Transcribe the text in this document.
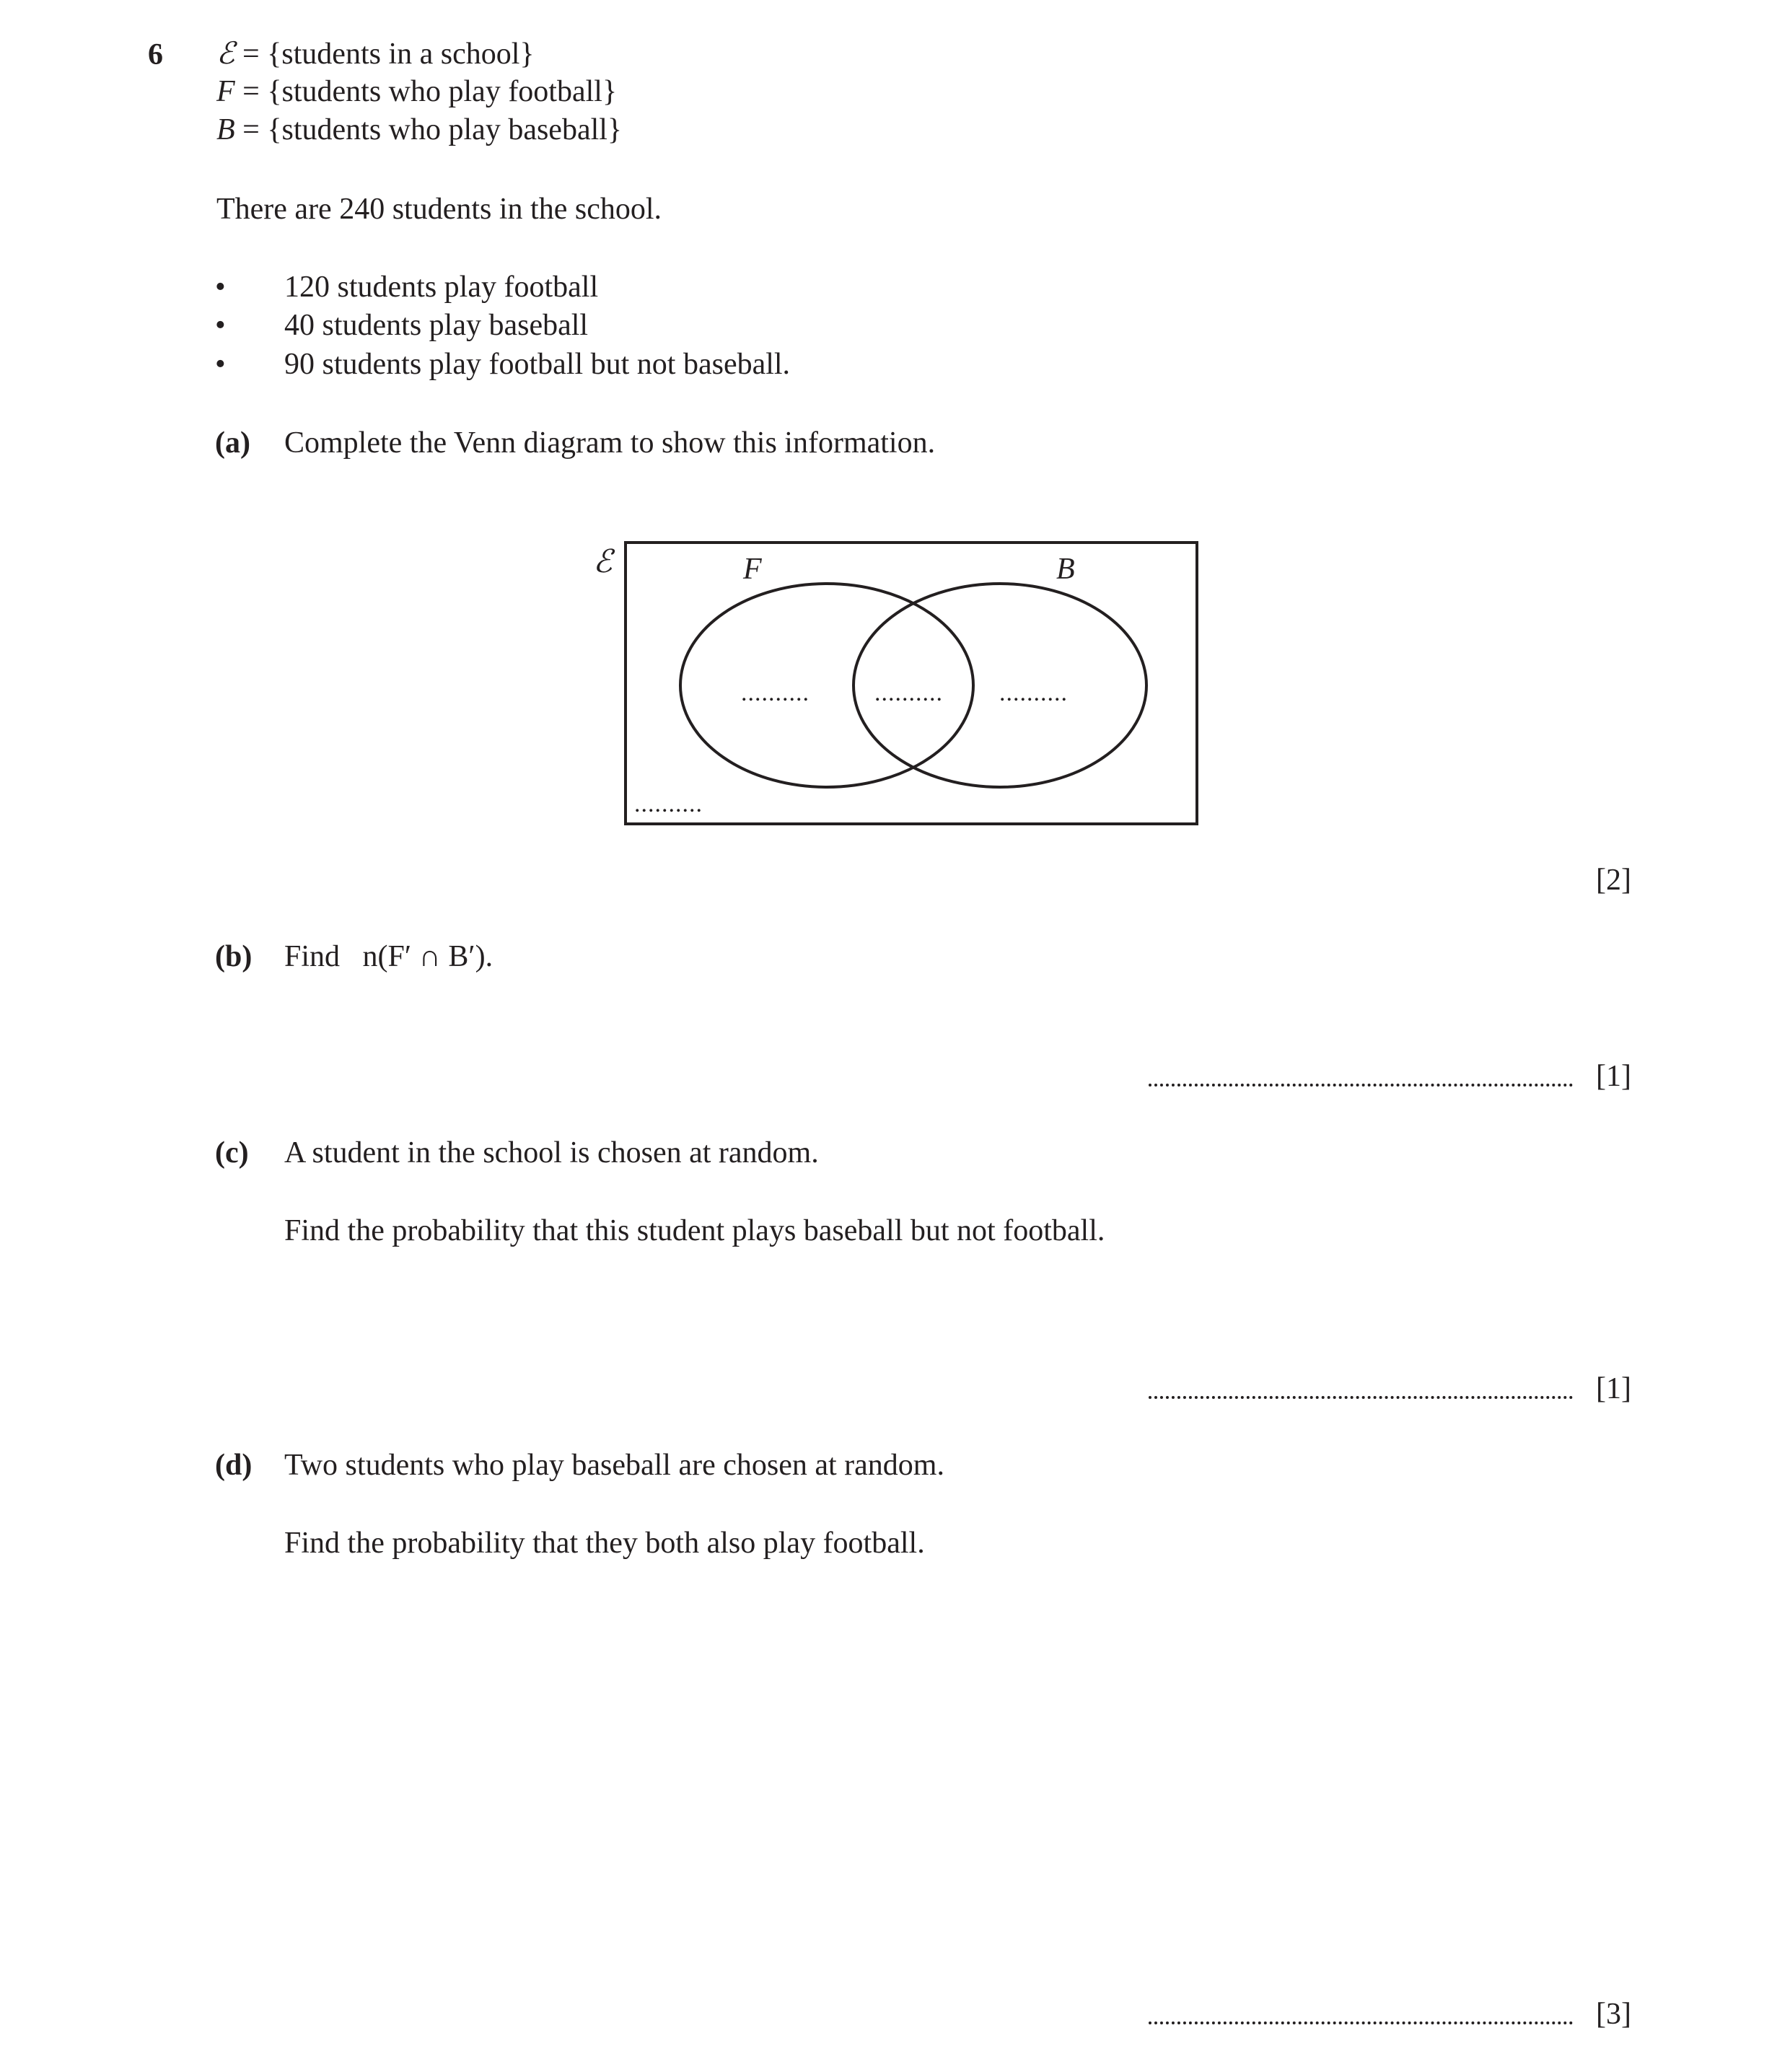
6 ℰ = {students in a school}
F = {students who play football}
B = {students who play baseball}
There are 240 students in the school.
• 120 students play football
• 40 students play baseball
• 90 students play football but not baseball.
(a) Complete the Venn diagram to show this information.
ℰ	F	B
..........	.......... ..........
..........
[2]
(b) Find   n(F′ ∩ B′).
[1]
(c) A student in the school is chosen at random.
Find the probability that this student plays baseball but not football.
[1]
(d) Two students who play baseball are chosen at random.
Find the probability that they both also play football.
[3]
